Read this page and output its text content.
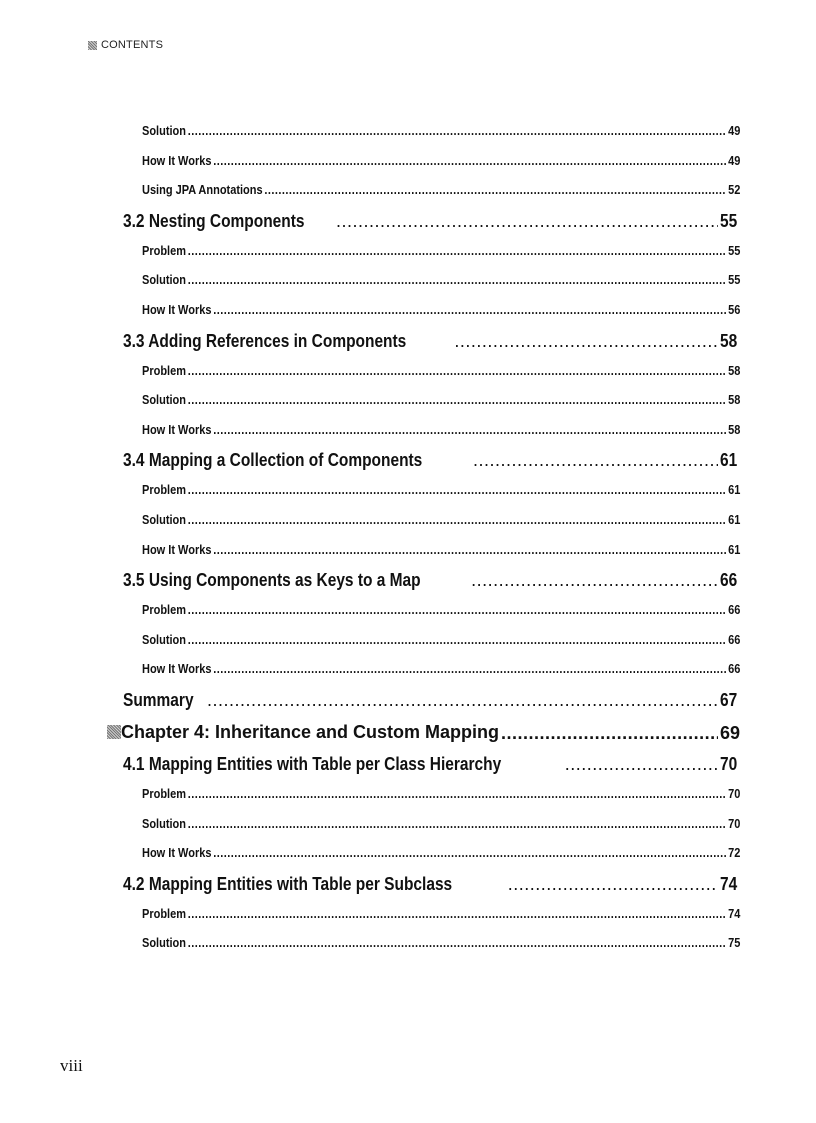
CONTENTS
Solution .....	49
How It Works .....	49
Using JPA Annotations .....	52
3.2 Nesting Components .....	55
Problem .....	55
Solution .....	55
How It Works .....	56
3.3 Adding References in Components .....	58
Problem .....	58
Solution .....	58
How It Works .....	58
3.4 Mapping a Collection of Components .....	61
Problem .....	61
Solution .....	61
How It Works .....	61
3.5 Using Components as Keys to a Map .....	66
Problem .....	66
Solution .....	66
How It Works .....	66
Summary .....	67
Chapter 4: Inheritance and Custom Mapping .....	69
4.1 Mapping Entities with Table per Class Hierarchy .....	70
Problem .....	70
Solution .....	70
How It Works .....	72
4.2 Mapping Entities with Table per Subclass .....	74
Problem .....	74
Solution .....	75
viii
